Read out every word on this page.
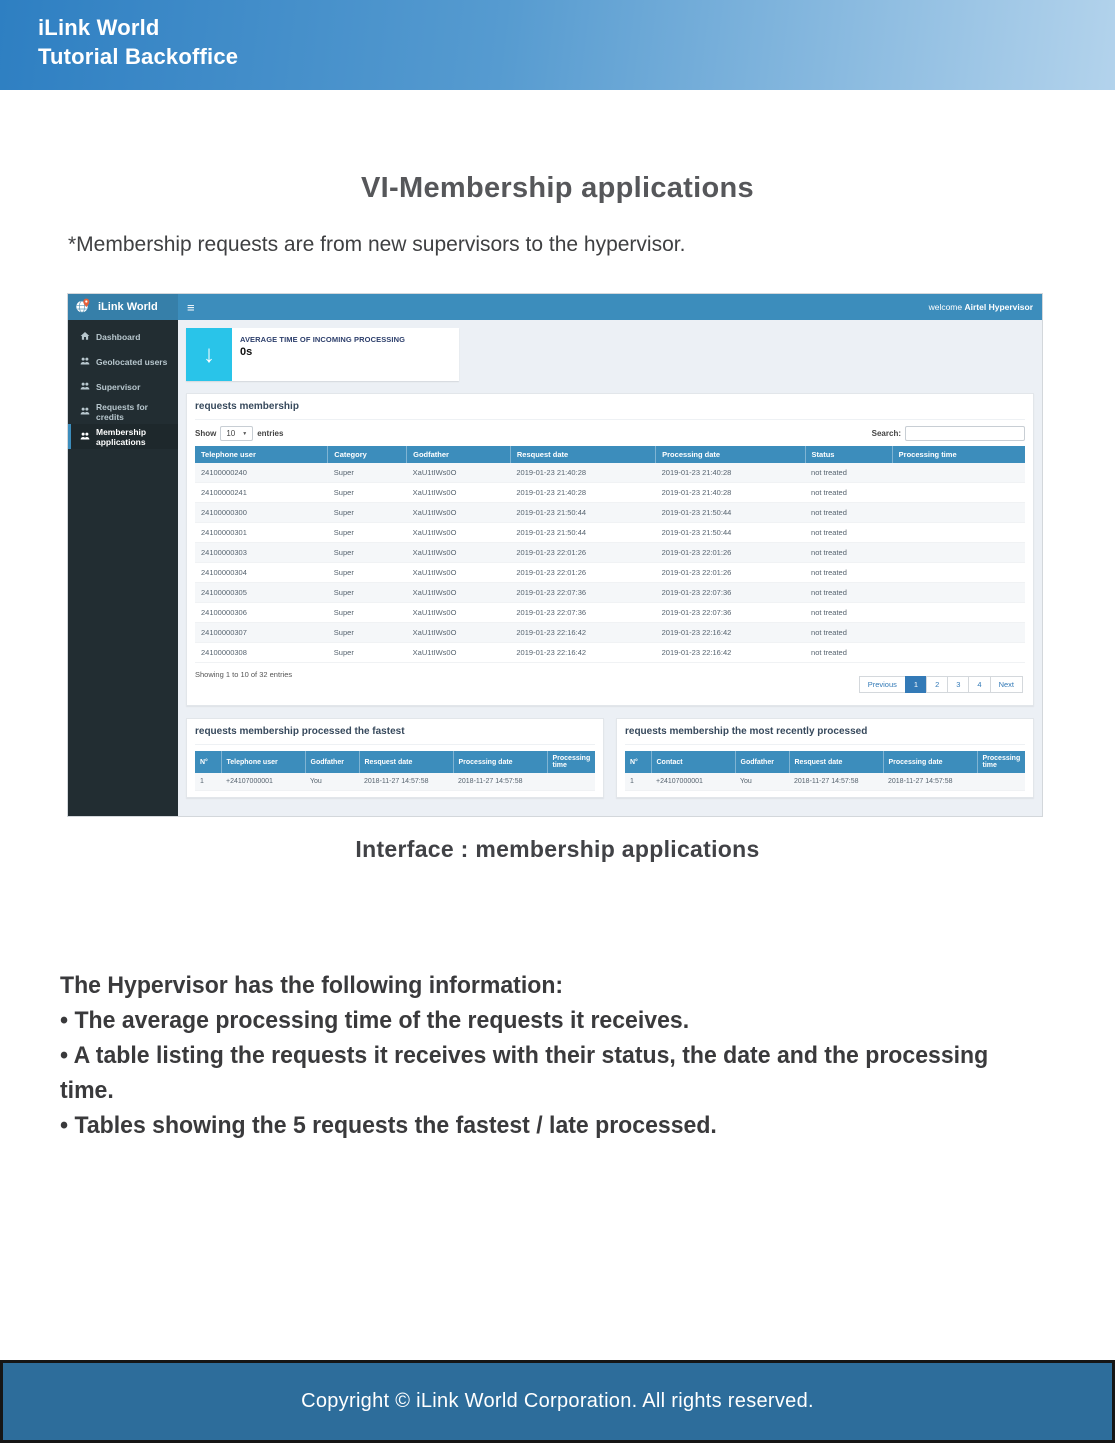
iLink World
Tutorial Backoffice
VI-Membership applications
*Membership requests are from new supervisors to the hypervisor.
iLink World ≡	welcome Airtel Hypervisor
Dashboard
Geolocated users
Supervisor
Requests for credits
Membership applications
↓
AVERAGE TIME OF INCOMING PROCESSING
0s
requests membership
Show 10 ▼ entries	Search:
Telephone user	Category	Godfather	Resquest date	Processing date	Status	Processing time
24100000240	Super	XaU1tIWs0O	2019-01-23 21:40:28	2019-01-23 21:40:28	not treated	
24100000241	Super	XaU1tIWs0O	2019-01-23 21:40:28	2019-01-23 21:40:28	not treated	
24100000300	Super	XaU1tIWs0O	2019-01-23 21:50:44	2019-01-23 21:50:44	not treated	
24100000301	Super	XaU1tIWs0O	2019-01-23 21:50:44	2019-01-23 21:50:44	not treated	
24100000303	Super	XaU1tIWs0O	2019-01-23 22:01:26	2019-01-23 22:01:26	not treated	
24100000304	Super	XaU1tIWs0O	2019-01-23 22:01:26	2019-01-23 22:01:26	not treated	
24100000305	Super	XaU1tIWs0O	2019-01-23 22:07:36	2019-01-23 22:07:36	not treated	
24100000306	Super	XaU1tIWs0O	2019-01-23 22:07:36	2019-01-23 22:07:36	not treated	
24100000307	Super	XaU1tIWs0O	2019-01-23 22:16:42	2019-01-23 22:16:42	not treated	
24100000308	Super	XaU1tIWs0O	2019-01-23 22:16:42	2019-01-23 22:16:42	not treated	
Showing 1 to 10 of 32 entries
Previous	1	2	3	4	Next
requests membership processed the fastest
N°	Telephone user	Godfather	Resquest date	Processing date	Processing time
1	+24107000001	You	2018-11-27 14:57:58	2018-11-27 14:57:58	
requests membership the most recently processed
N°	Contact	Godfather	Resquest date	Processing date	Processing time
1	+24107000001	You	2018-11-27 14:57:58	2018-11-27 14:57:58	
Interface : membership applications
The Hypervisor has the following information:
• The average processing time of the requests it receives.
• A table listing the requests it receives with their status, the date and the processing time.
• Tables showing the 5 requests the fastest / late processed.
Copyright © iLink World Corporation. All rights reserved.
